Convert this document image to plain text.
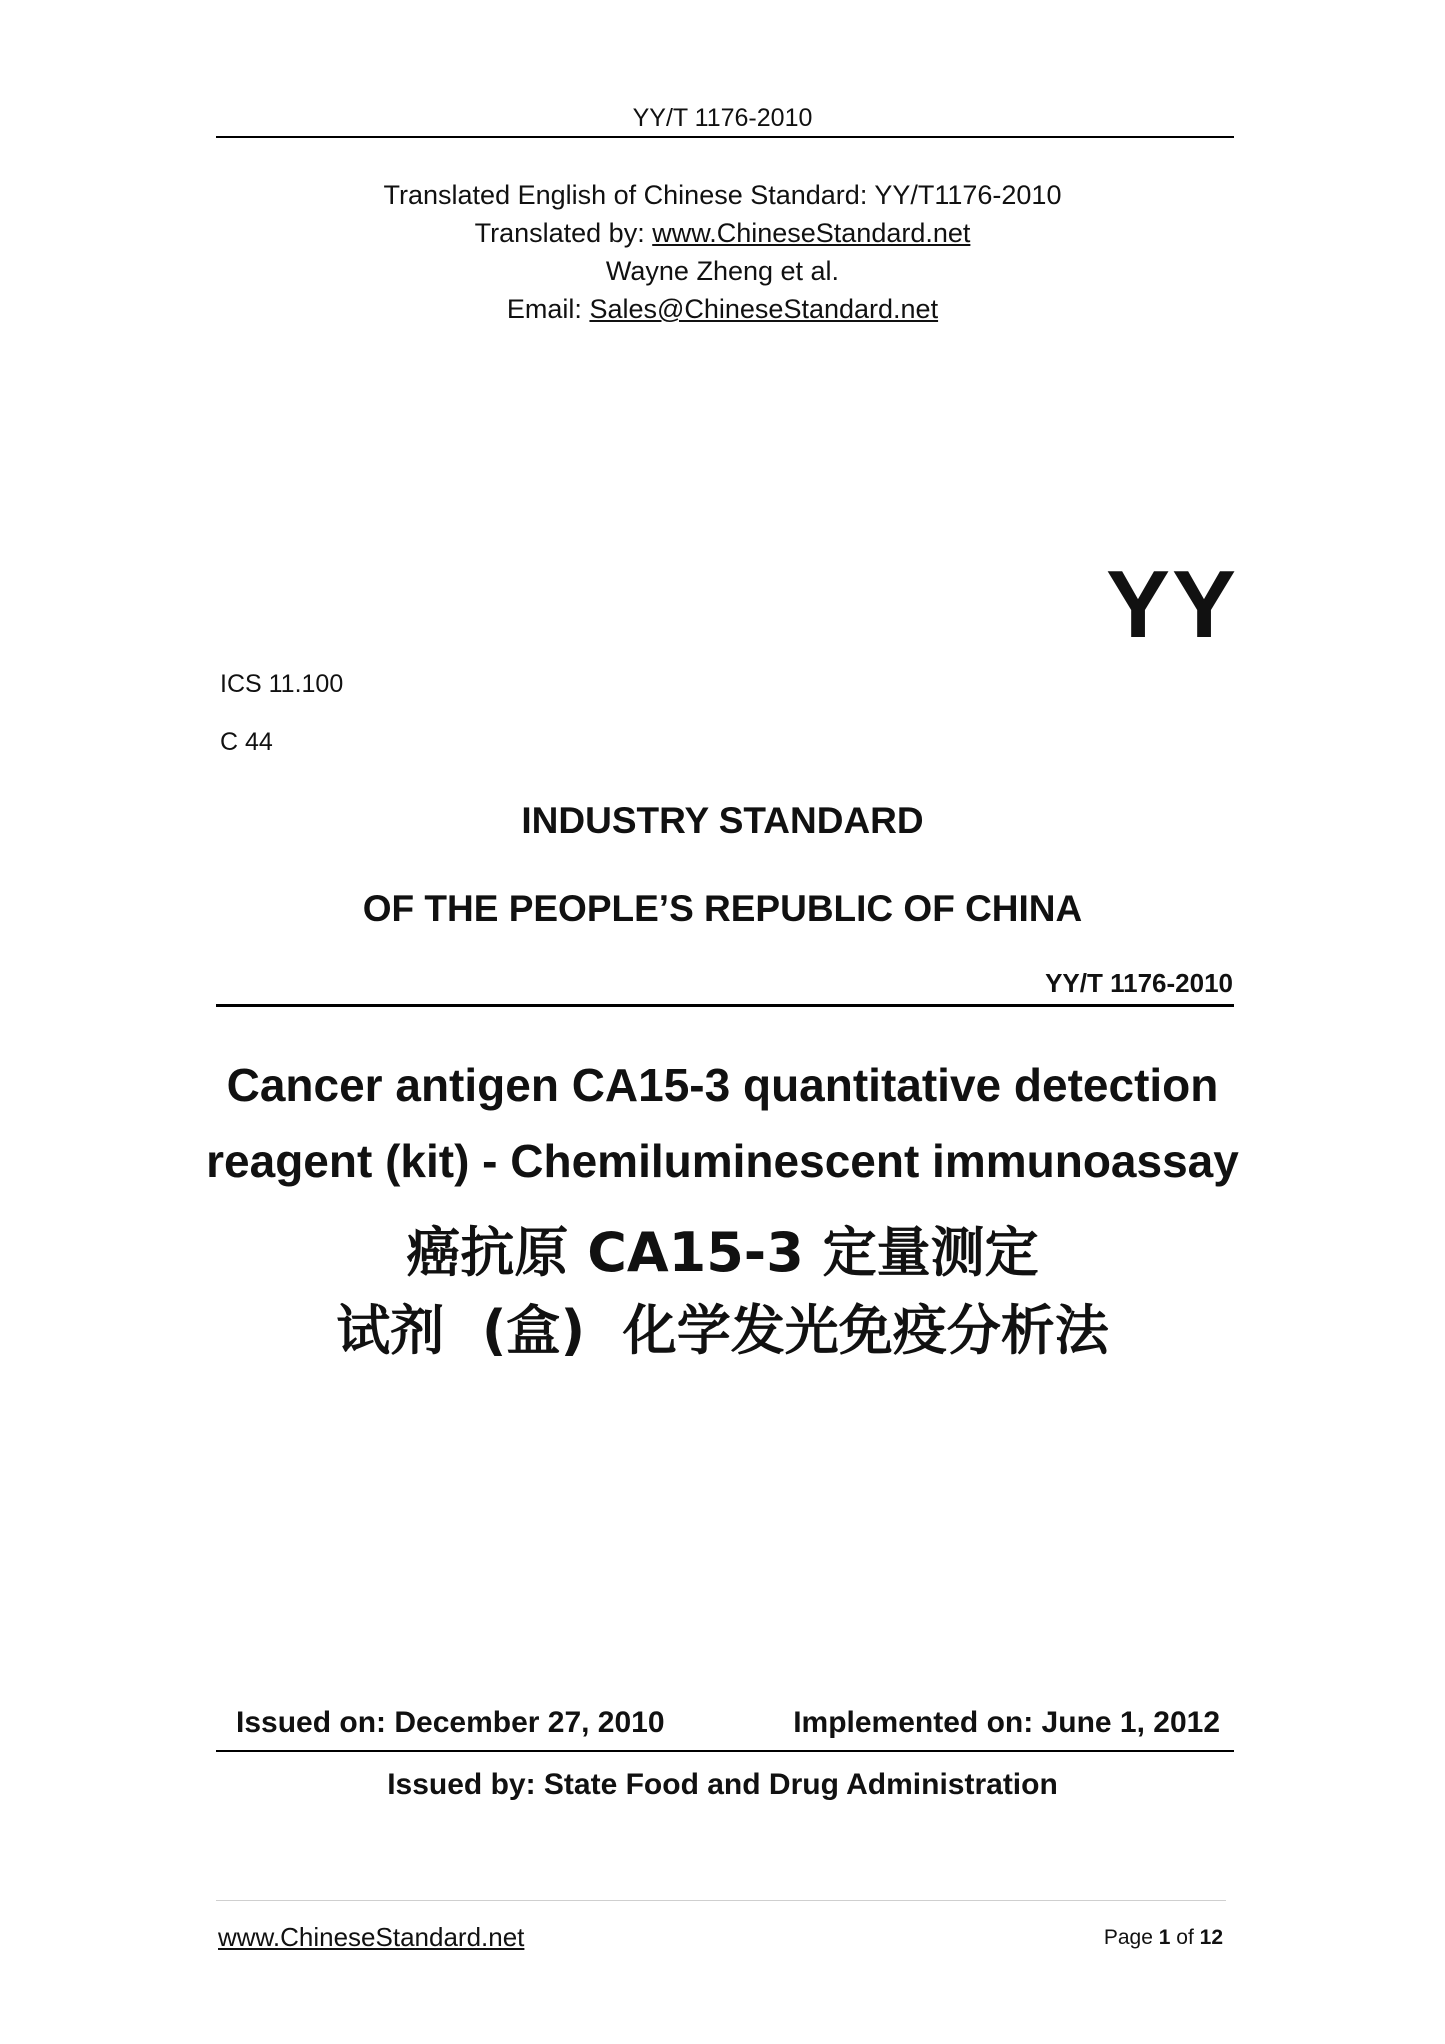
YY/T 1176-2010
Translated English of Chinese Standard: YY/T1176-2010
Translated by: www.ChineseStandard.net
Wayne Zheng et al.
Email: Sales@ChineseStandard.net
YY
ICS 11.100
C 44
INDUSTRY STANDARD
OF THE PEOPLE’S REPUBLIC OF CHINA
YY/T 1176-2010
Cancer antigen CA15-3 quantitative detection
reagent (kit) - Chemiluminescent immunoassay
癌抗原 CA15-3 定量测定
试剂  (盒)  化学发光免疫分析法
Issued on: December 27, 2010	Implemented on: June 1, 2012
Issued by: State Food and Drug Administration
www.ChineseStandard.net	Page 1 of 12
